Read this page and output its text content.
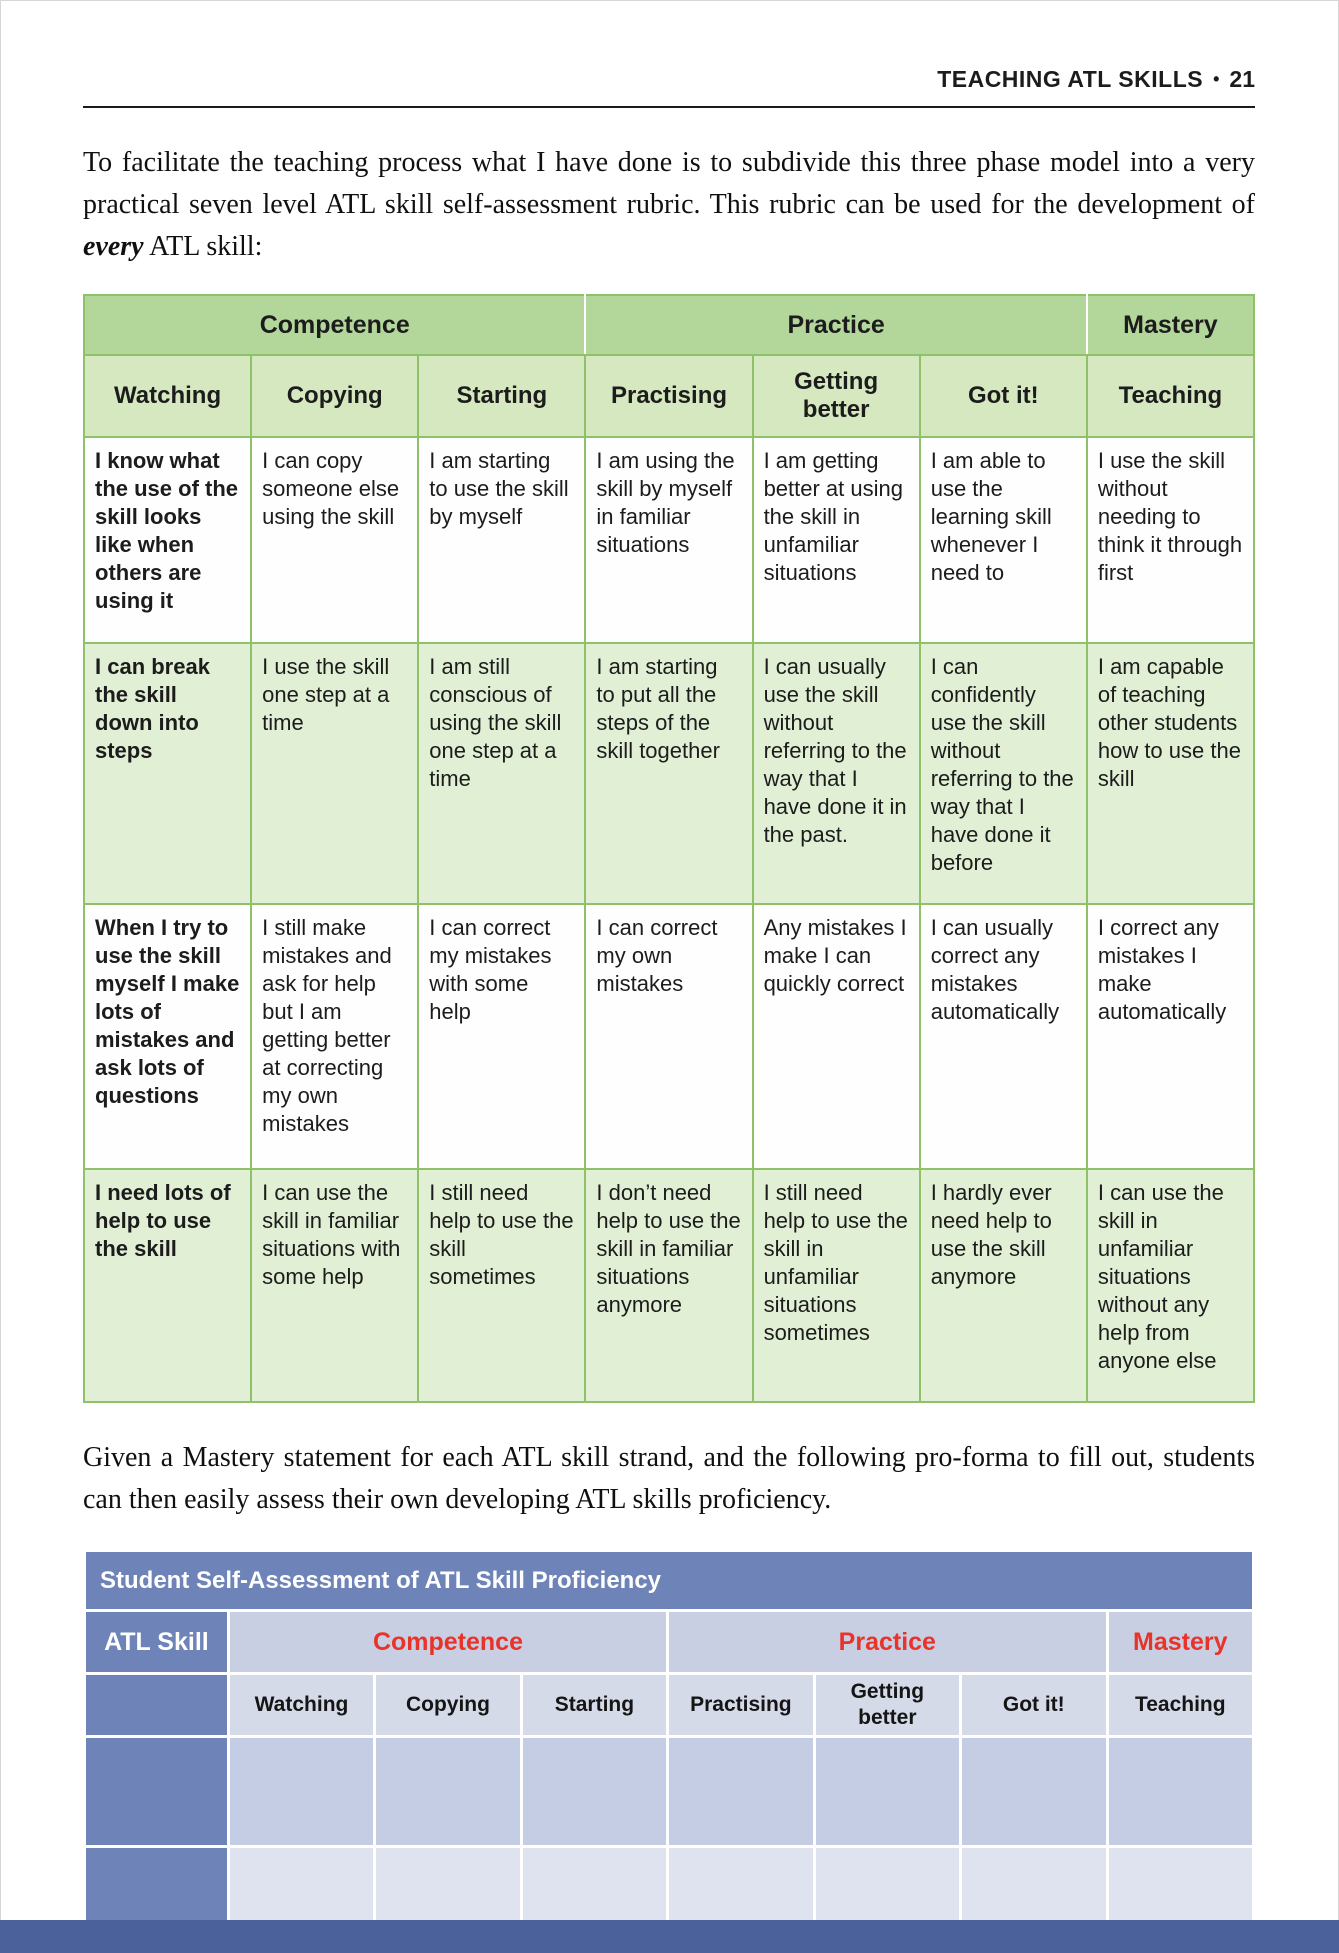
TEACHING ATL SKILLS • 21

To facilitate the teaching process what I have done is to subdivide this three phase model into a very practical seven level ATL skill self-assessment rubric. This rubric can be used for the development of every ATL skill:

Competence			Practice			Mastery
Watching	Copying	Starting	Practising	Getting better	Got it!	Teaching
I know what the use of the skill looks like when others are using it	I can copy someone else using the skill	I am starting to use the skill by myself	I am using the skill by myself in familiar situations	I am getting better at using the skill in unfamiliar situations	I am able to use the learning skill whenever I need to	I use the skill without needing to think it through first
I can break the skill down into steps	I use the skill one step at a time	I am still conscious of using the skill one step at a time	I am starting to put all the steps of the skill together	I can usually use the skill without referring to the way that I have done it in the past.	I can confidently use the skill without referring to the way that I have done it before	I am capable of teaching other students how to use the skill
When I try to use the skill myself I make lots of mistakes and ask lots of questions	I still make mistakes and ask for help but I am getting better at correcting my own mistakes	I can correct my mistakes with some help	I can correct my own mistakes	Any mistakes I make I can quickly correct	I can usually correct any mistakes automatically	I correct any mistakes I make automatically
I need lots of help to use the skill	I can use the skill in familiar situations with some help	I still need help to use the skill sometimes	I don’t need help to use the skill in familiar situations anymore	I still need help to use the skill in unfamiliar situations sometimes	I hardly ever need help to use the skill anymore	I can use the skill in unfamiliar situations without any help from anyone else

Given a Mastery statement for each ATL skill strand, and the following pro-forma to fill out, students can then easily assess their own developing ATL skills proficiency.

Student Self-Assessment of ATL Skill Proficiency							
ATL Skill	Competence			Practice			Mastery
	Watching	Copying	Starting	Practising	Getting better	Got it!	Teaching
